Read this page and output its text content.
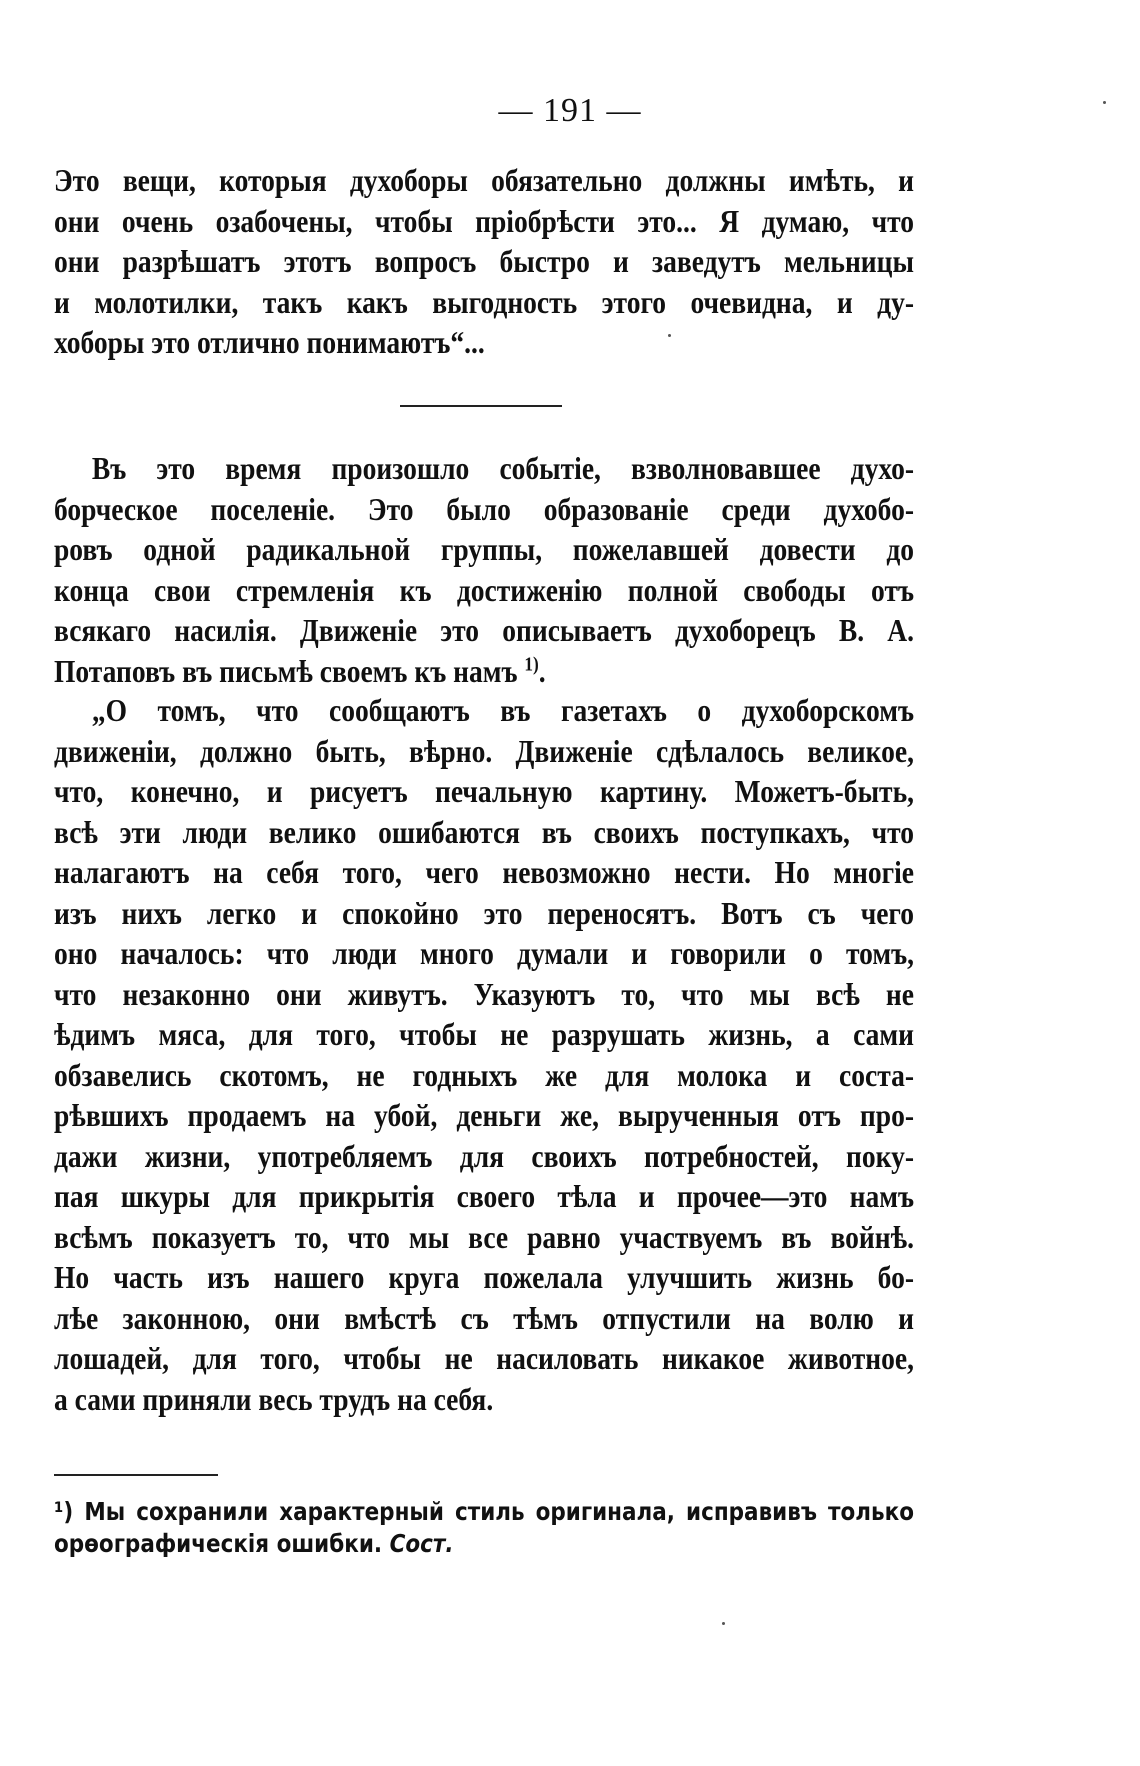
— 191 —
Это вещи, которыя духоборы обязательно должны имѣть, и
они очень озабочены, чтобы пріобрѣсти это... Я думаю, что
они разрѣшатъ этотъ вопросъ быстро и заведутъ мельницы
и молотилки, такъ какъ выгодность этого очевидна, и ду-
хоборы это отлично понимаютъ“...
Въ это время произошло событіе, взволновавшее духо-
борческое поселеніе. Это было образованіе среди духобо-
ровъ одной радикальной группы, пожелавшей довести до
конца свои стремленія къ достиженію полной свободы отъ
всякаго насилія. Движеніе это описываетъ духоборецъ В. А.
Потаповъ въ письмѣ своемъ къ намъ $^{1)}$.
„О томъ, что сообщаютъ въ газетахъ о духоборскомъ
движеніи, должно быть, вѣрно. Движеніе сдѣлалось великое,
что, конечно, и рисуетъ печальную картину. Можетъ-быть,
всѣ эти люди велико ошибаются въ своихъ поступкахъ, что
налагаютъ на себя того, чего невозможно нести. Но многіе
изъ нихъ легко и спокойно это переносятъ. Вотъ съ чего
оно началось: что люди много думали и говорили о томъ,
что незаконно они живутъ. Указуютъ то, что мы всѣ не
ѣдимъ мяса, для того, чтобы не разрушать жизнь, а сами
обзавелись скотомъ, не годныхъ же для молока и соста-
рѣвшихъ продаемъ на убой, деньги же, вырученныя отъ про-
дажи жизни, употребляемъ для своихъ потребностей, поку-
пая шкуры для прикрытія своего тѣла и прочее—это намъ
всѣмъ показуетъ то, что мы все равно участвуемъ въ войнѣ.
Но часть изъ нашего круга пожелала улучшить жизнь бо-
лѣе законною, они вмѣстѣ съ тѣмъ отпустили на волю и
лошадей, для того, чтобы не насиловать никакое животное,
а сами приняли весь трудъ на себя.
¹) Мы сохранили характерный стиль оригинала, исправивъ только
орѳографическія ошибки. Сост.
